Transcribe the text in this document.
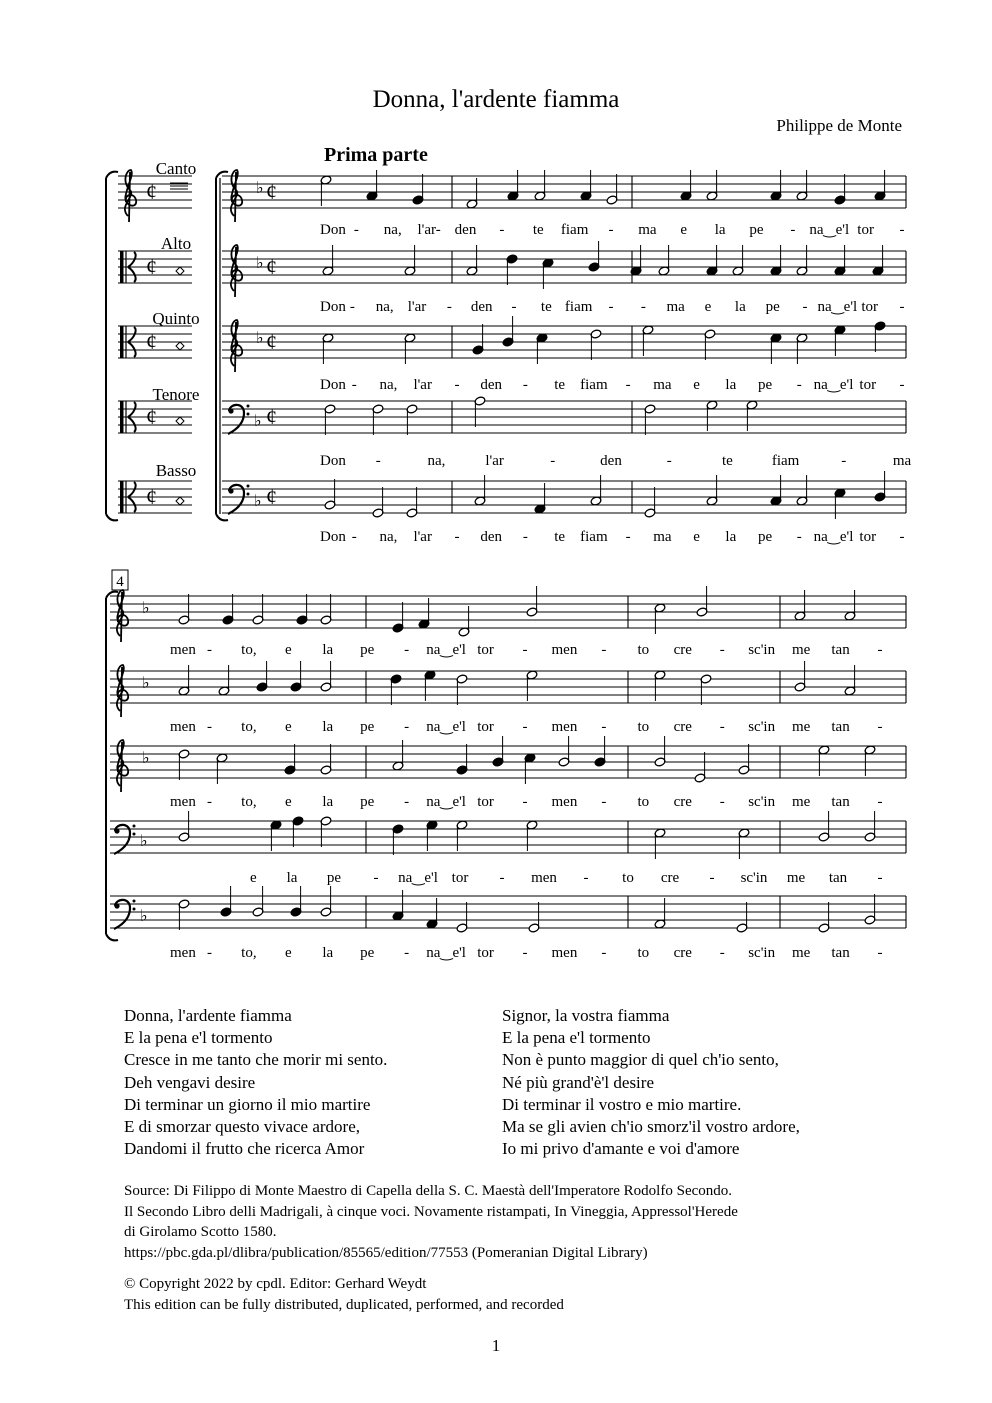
Donna, l'ardente fiamma
Philippe de Monte
Prima parte
Canto
Alto
Quinto
Tenore
Basso
¢	♭ ¢
¢	♭ ¢
¢	♭ ¢
¢	♭ ¢
¢	♭ ¢
Don - na, l'ar- den - te fiam - ma e la pe - na‿e'l tor -
Don - na, l'ar - den - te fiam - - ma e la pe - na‿e'l tor -
Don - na, l'ar - den - te fiam - ma e la pe - na‿e'l tor -
Don -	na,	l'ar	-	den	-	te	fiam	-	ma
Don - na, l'ar - den - te fiam - ma e la pe - na‿e'l tor -
4
♭
♭
♭
♭
♭
men - to, e la pe - na‿e'l tor - men - to cre - sc'in me tan -
men - to, e la pe - na‿e'l tor - men - to cre - sc'in me tan -
men - to, e la pe - na‿e'l tor - men - to cre - sc'in me tan -
e la pe - na‿e'l tor - men - to cre - sc'in me tan -
men - to, e la pe - na‿e'l tor - men - to cre - sc'in me tan -
Donna, l'ardente fiamma
E la pena e'l tormento
Cresce in me tanto che morir mi sento.
Deh vengavi desire
Di terminar un giorno il mio martire
E di smorzar questo vivace ardore,
Dandomi il frutto che ricerca Amor
Signor, la vostra fiamma
E la pena e'l tormento
Non è punto maggior di quel ch'io sento,
Né più grand'è'l desire
Di terminar il vostro e mio martire.
Ma se gli avien ch'io smorz'il vostro ardore,
Io mi privo d'amante e voi d'amore
Source: Di Filippo di Monte Maestro di Capella della S. C. Maestà dell'Imperatore Rodolfo Secondo.
Il Secondo Libro delli Madrigali, à cinque voci. Novamente ristampati, In Vineggia, Appressol'Herede
di Girolamo Scotto 1580.
https://pbc.gda.pl/dlibra/publication/85565/edition/77553 (Pomeranian Digital Library)
© Copyright 2022 by cpdl. Editor: Gerhard Weydt
This edition can be fully distributed, duplicated, performed, and recorded
1
